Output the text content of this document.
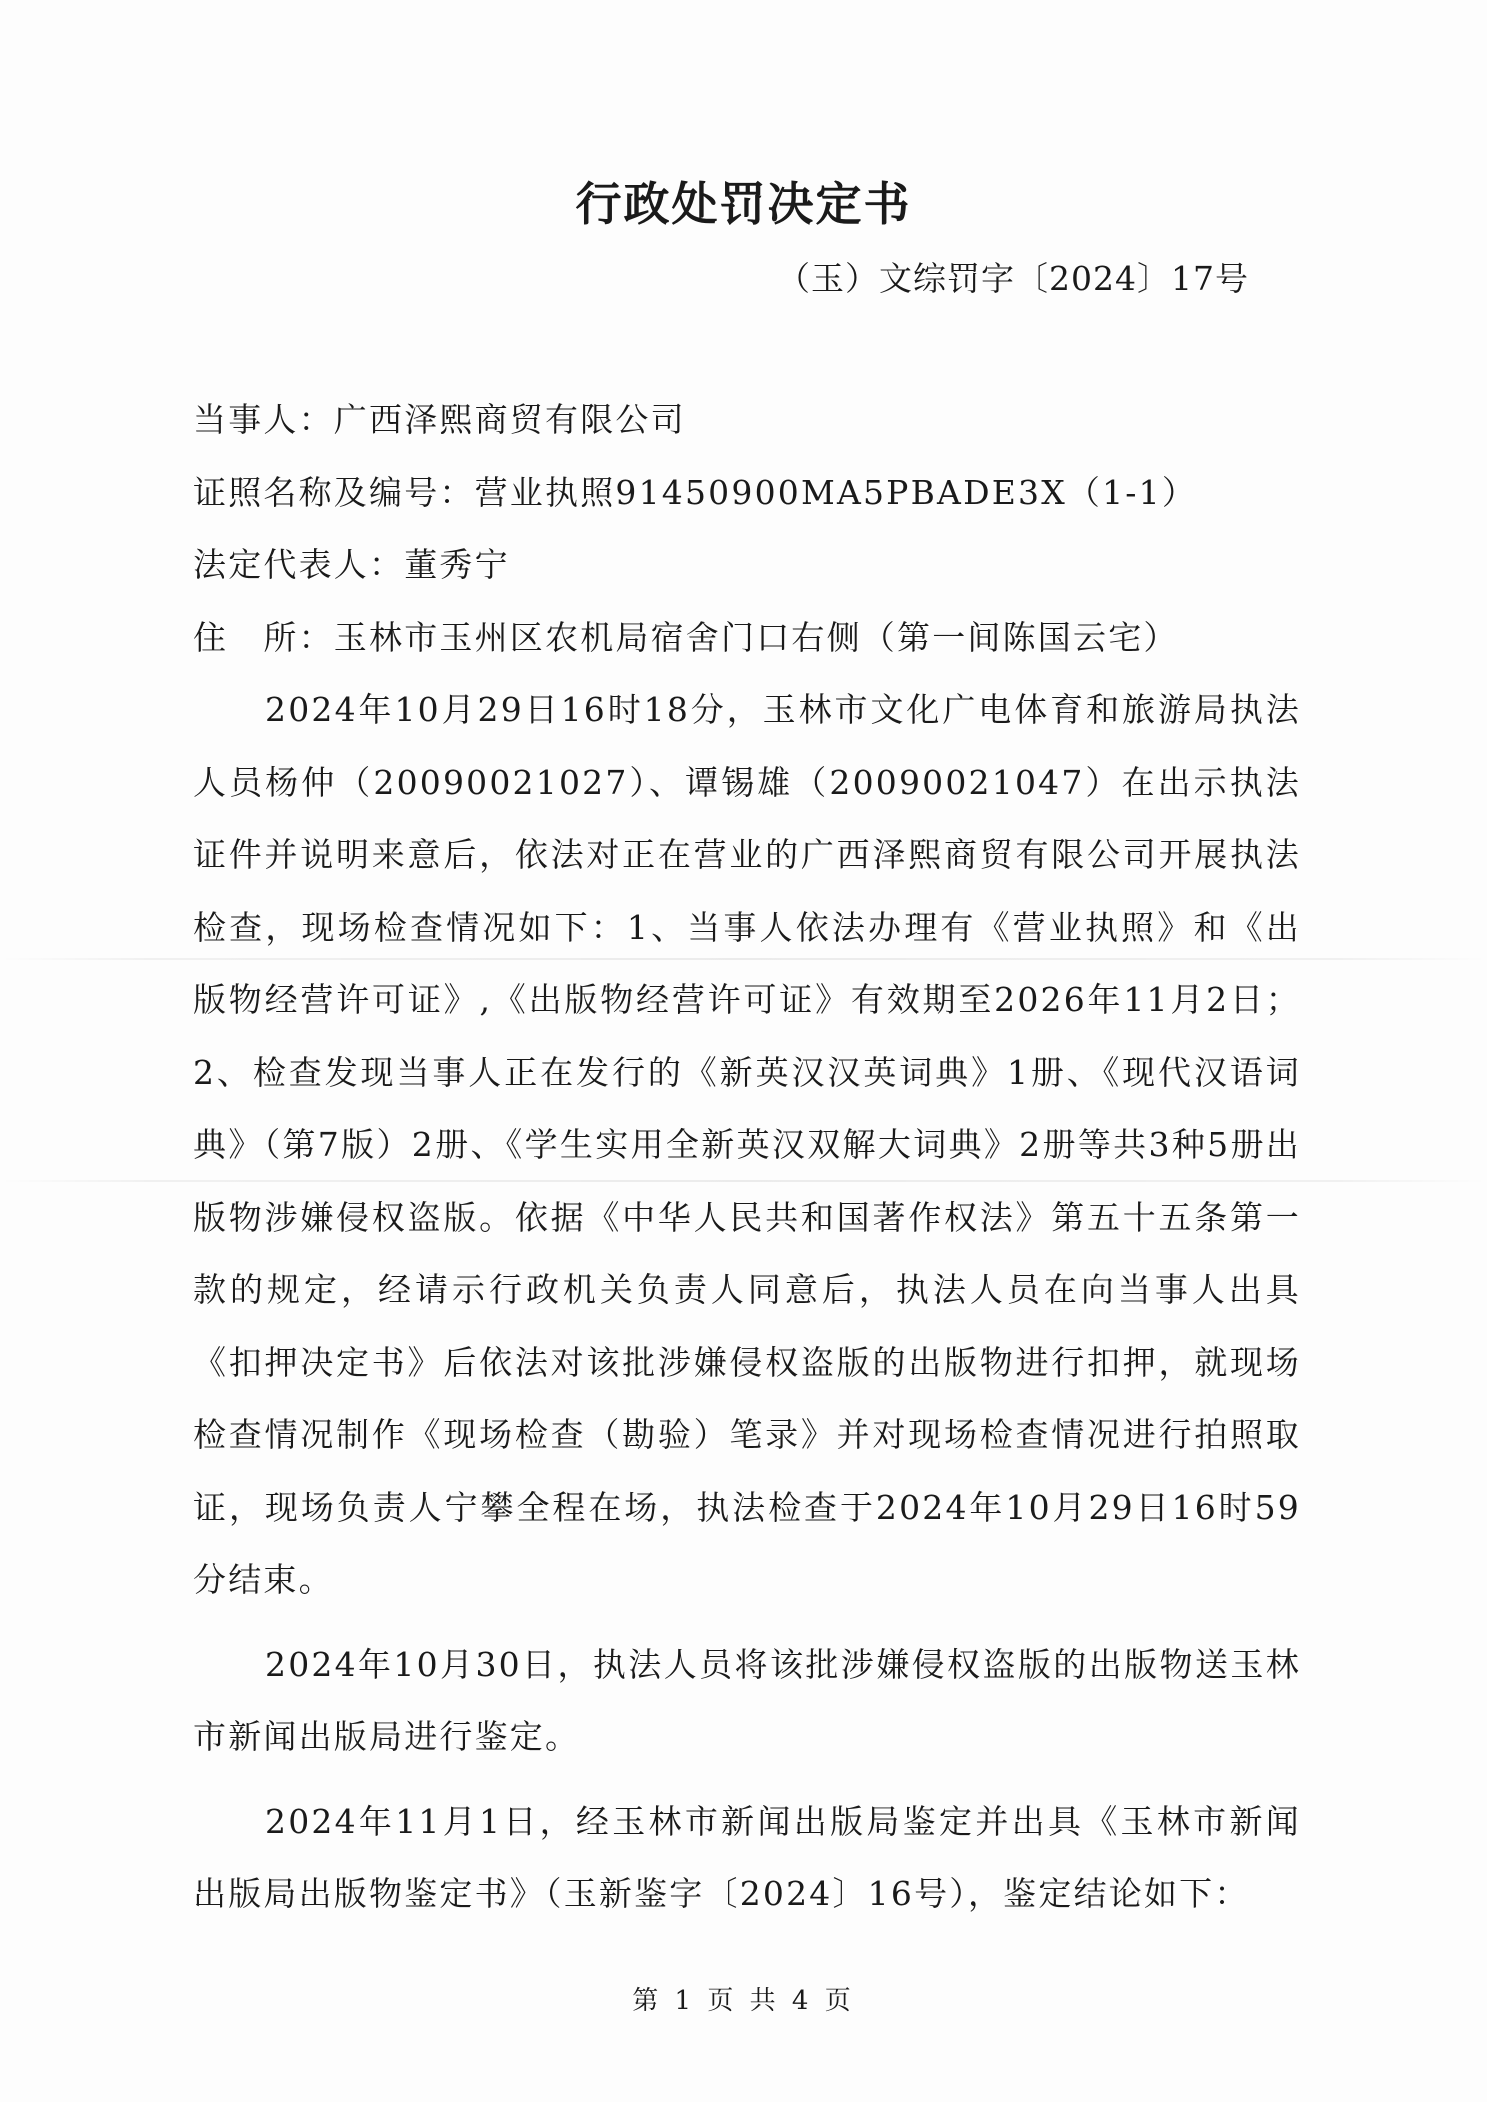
行政处罚决定书
（玉）文综罚字〔2024〕17号

当事人：广西泽熙商贸有限公司

证照名称及编号：营业执照91450900MA5PBADE3X（1-1）

法定代表人：董秀宁

住　所：玉林市玉州区农机局宿舍门口右侧（第一间陈国云宅）

2024年10月29日16时18分，玉林市文化广电体育和旅游局执法人员杨仲（20090021027）、谭锡雄（20090021047）在出示执法证件并说明来意后，依法对正在营业的广西泽熙商贸有限公司开展执法检查，现场检查情况如下：1、当事人依法办理有《营业执照》和《出版物经营许可证》,《出版物经营许可证》有效期至2026年11月2日；2、检查发现当事人正在发行的《新英汉汉英词典》1册、《现代汉语词典》（第7版）2册、《学生实用全新英汉双解大词典》2册等共3种5册出版物涉嫌侵权盗版。依据《中华人民共和国著作权法》第五十五条第一款的规定，经请示行政机关负责人同意后，执法人员在向当事人出具《扣押决定书》后依法对该批涉嫌侵权盗版的出版物进行扣押，就现场检查情况制作《现场检查（勘验）笔录》并对现场检查情况进行拍照取证，现场负责人宁攀全程在场，执法检查于2024年10月29日16时59分结束。

2024年10月30日，执法人员将该批涉嫌侵权盗版的出版物送玉林市新闻出版局进行鉴定。

2024年11月1日，经玉林市新闻出版局鉴定并出具《玉林市新闻出版局出版物鉴定书》（玉新鉴字〔2024〕16号），鉴定结论如下：

第 1 页 共 4 页
